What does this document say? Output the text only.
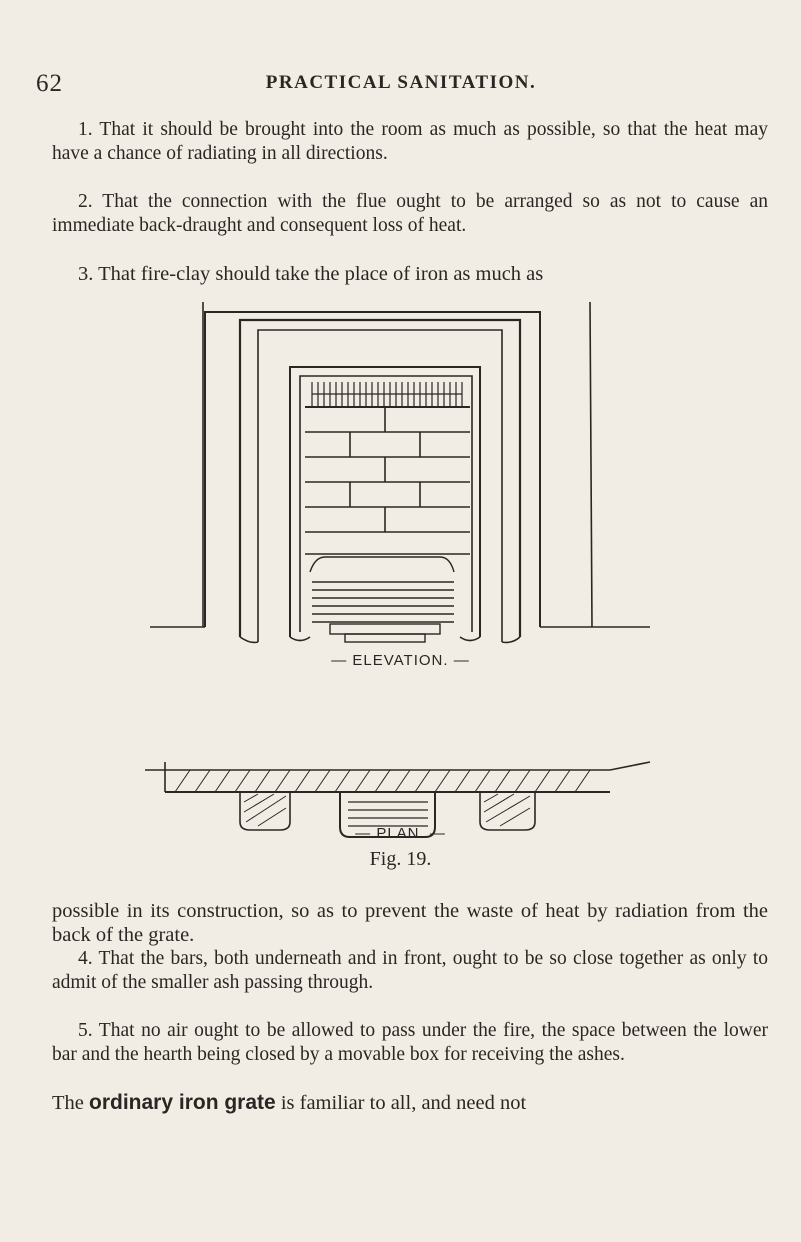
62	PRACTICAL SANITATION.

1. That it should be brought into the room as much as possible, so that the heat may have a chance of radiating in all directions.

2. That the connection with the flue ought to be arranged so as not to cause an immediate back-draught and consequent loss of heat.

3. That fire-clay should take the place of iron as much as

— ELEVATION. —
— PLAN. —
Fig. 19.

possible in its construction, so as to prevent the waste of heat by radiation from the back of the grate.

4. That the bars, both underneath and in front, ought to be so close together as only to admit of the smaller ash passing through.

5. That no air ought to be allowed to pass under the fire, the space between the lower bar and the hearth being closed by a movable box for receiving the ashes.

The ordinary iron grate is familiar to all, and need not
